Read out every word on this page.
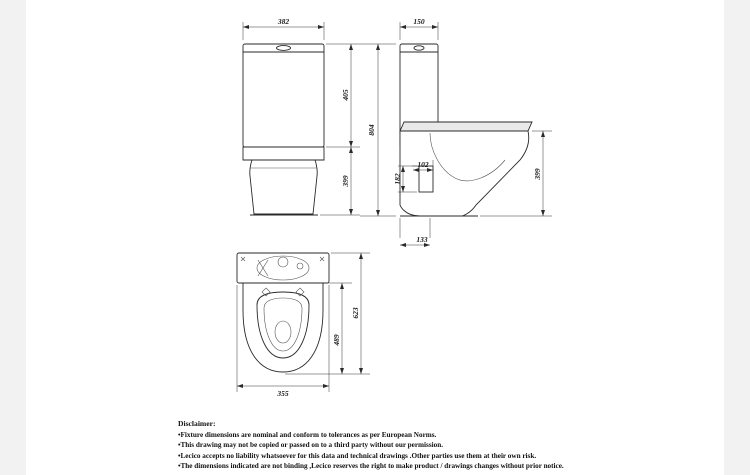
382
405
399
150
804
399
102
182
133
623
489
355
Disclaimer:
•Fixture dimensions are nominal and conform to tolerances as per European Norms.
•This drawing may not be copied or passed on to a third party without our permission.
•Lecico accepts no liability whatsoever for this data and technical drawings .Other parties use them at their own risk.
•The dimensions indicated are not binding ,Lecico reserves the right to make product / drawings changes without prior notice.
